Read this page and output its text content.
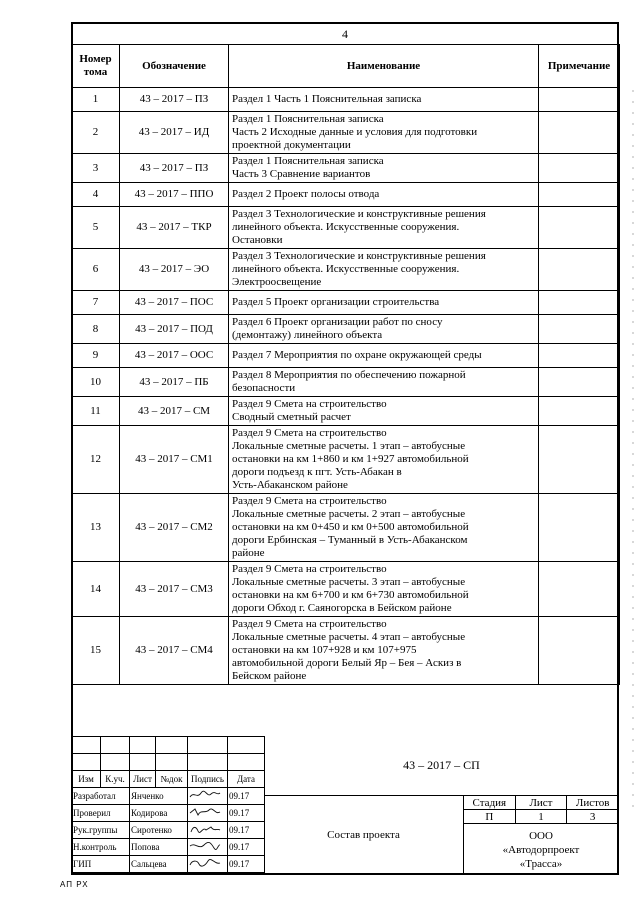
4
Номер тома	Обозначение	Наименование	Примечание
1	43 – 2017 – ПЗ	Раздел 1 Часть 1 Пояснительная записка	

2	43 – 2017 – ИД	Раздел 1 Пояснительная записка
Часть 2 Исходные данные и условия для подготовки
проектной документации	

3	43 – 2017 – ПЗ	Раздел 1 Пояснительная записка
Часть 3 Сравнение вариантов	

4	43 – 2017 – ППО	Раздел 2 Проект полосы отвода	

5	43 – 2017 – ТКР	Раздел 3 Технологические и конструктивные решения
линейного объекта. Искусственные сооружения.
Остановки	

6	43 – 2017 – ЭО	Раздел 3 Технологические и конструктивные решения
линейного объекта. Искусственные сооружения.
Электроосвещение	

7	43 – 2017 – ПОС	Раздел 5 Проект организации строительства	

8	43 – 2017 – ПОД	Раздел 6 Проект организации работ по сносу
(демонтажу) линейного объекта	

9	43 – 2017 – ООС	Раздел 7 Мероприятия по охране окружающей среды	

10	43 – 2017 – ПБ	Раздел 8 Мероприятия по обеспечению пожарной
безопасности	

11	43 – 2017 – СМ	Раздел 9 Смета на строительство
Сводный сметный расчет	

12	43 – 2017 – СМ1	Раздел 9 Смета на строительство
Локальные сметные расчеты. 1 этап – автобусные
остановки на км 1+860 и км 1+927 автомобильной
дороги подъезд к пгт. Усть-Абакан в
Усть-Абаканском районе	

13	43 – 2017 – СМ2	Раздел 9 Смета на строительство
Локальные сметные расчеты. 2 этап – автобусные
остановки на км 0+450 и км 0+500 автомобильной
дороги Ербинская – Туманный в Усть-Абаканском
районе	

14	43 – 2017 – СМ3	Раздел 9 Смета на строительство
Локальные сметные расчеты. 3 этап – автобусные
остановки на км 6+700 и км 6+730 автомобильной
дороги Обход г. Саяногорска в Бейском районе	

15	43 – 2017 – СМ4	Раздел 9 Смета на строительство
Локальные сметные расчеты. 4 этап – автобусные
остановки на км 107+928 и км 107+975
автомобильной дороги Белый Яр – Бея – Аскиз в
Бейском районе	

Изм	К.уч.	Лист	№док	Подпись	Дата
Разработал		Янченко			09.17
Проверил		Кодирова			09.17
Рук.группы		Сиротенко			09.17
Н.контроль		Попова			09.17
ГИП		Сальцева			09.17
43 – 2017 – СП
Состав проекта
Стадия	Лист	Листов
П	1	3
ООО
«Автодорпроект
«Трасса»
АП РХ
